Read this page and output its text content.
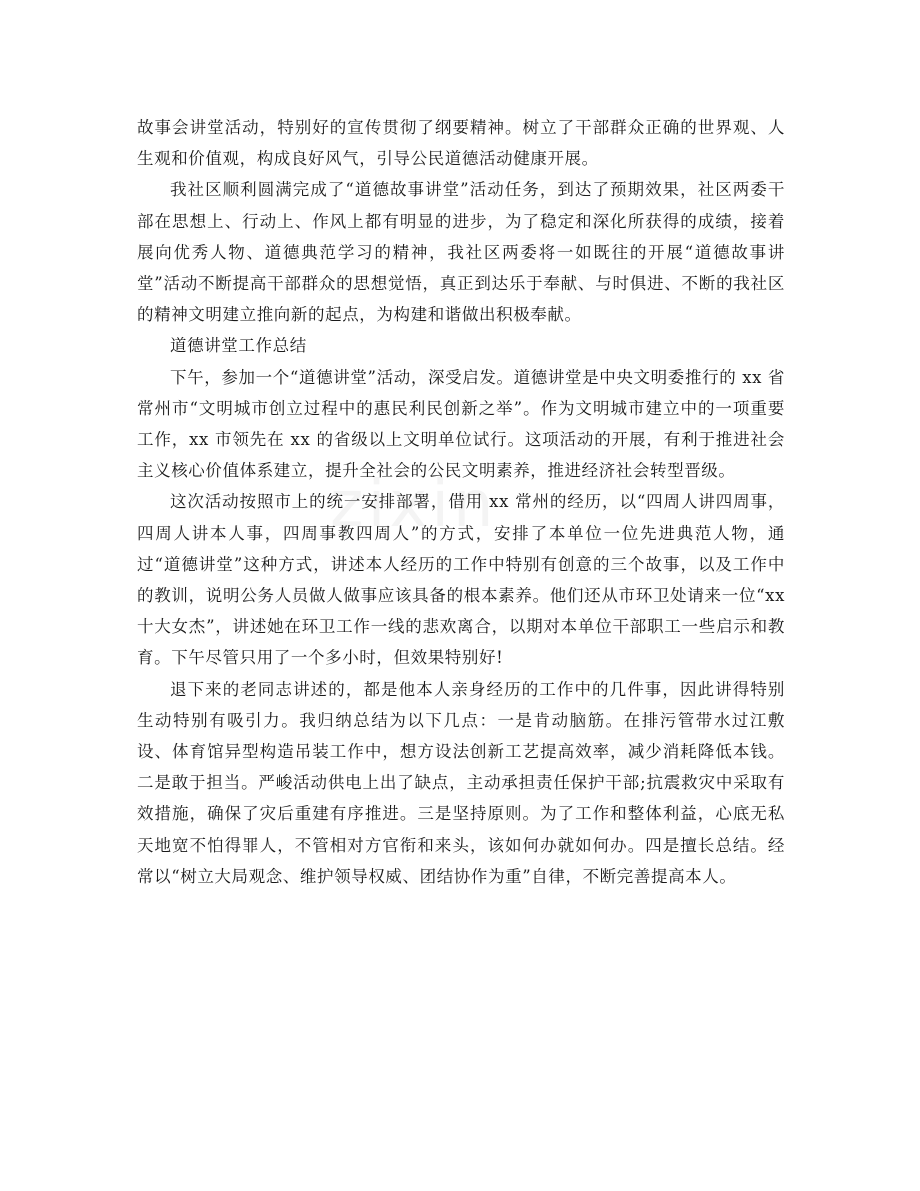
故事会讲堂活动，特别好的宣传贯彻了纲要精神。树立了干部群众正确的世界观、人生观和价值观，构成良好风气，引导公民道德活动健康开展。

我社区顺利圆满完成了“道德故事讲堂”活动任务，到达了预期效果，社区两委干部在思想上、行动上、作风上都有明显的进步，为了稳定和深化所获得的成绩，接着展向优秀人物、道德典范学习的精神，我社区两委将一如既往的开展“道德故事讲堂”活动不断提高干部群众的思想觉悟，真正到达乐于奉献、与时俱进、不断的我社区的精神文明建立推向新的起点，为构建和谐做出积极奉献。

道德讲堂工作总结

下午，参加一个“道德讲堂”活动，深受启发。道德讲堂是中央文明委推行的 xx 省常州市“文明城市创立过程中的惠民利民创新之举”。作为文明城市建立中的一项重要工作，xx 市领先在 xx 的省级以上文明单位试行。这项活动的开展，有利于推进社会主义核心价值体系建立，提升全社会的公民文明素养，推进经济社会转型晋级。

这次活动按照市上的统一安排部署，借用 xx 常州的经历，以“四周人讲四周事，四周人讲本人事，四周事教四周人”的方式，安排了本单位一位先进典范人物，通过“道德讲堂”这种方式，讲述本人经历的工作中特别有创意的三个故事，以及工作中的教训，说明公务人员做人做事应该具备的根本素养。他们还从市环卫处请来一位“xx 十大女杰”，讲述她在环卫工作一线的悲欢离合，以期对本单位干部职工一些启示和教育。下午尽管只用了一个多小时，但效果特别好!

退下来的老同志讲述的，都是他本人亲身经历的工作中的几件事，因此讲得特别生动特别有吸引力。我归纳总结为以下几点：一是肯动脑筋。在排污管带水过江敷设、体育馆异型构造吊装工作中，想方设法创新工艺提高效率，减少消耗降低本钱。二是敢于担当。严峻活动供电上出了缺点，主动承担责任保护干部;抗震救灾中采取有效措施，确保了灾后重建有序推进。三是坚持原则。为了工作和整体利益，心底无私天地宽不怕得罪人，不管相对方官衔和来头，该如何办就如何办。四是擅长总结。经常以“树立大局观念、维护领导权威、团结协作为重”自律，不断完善提高本人。
